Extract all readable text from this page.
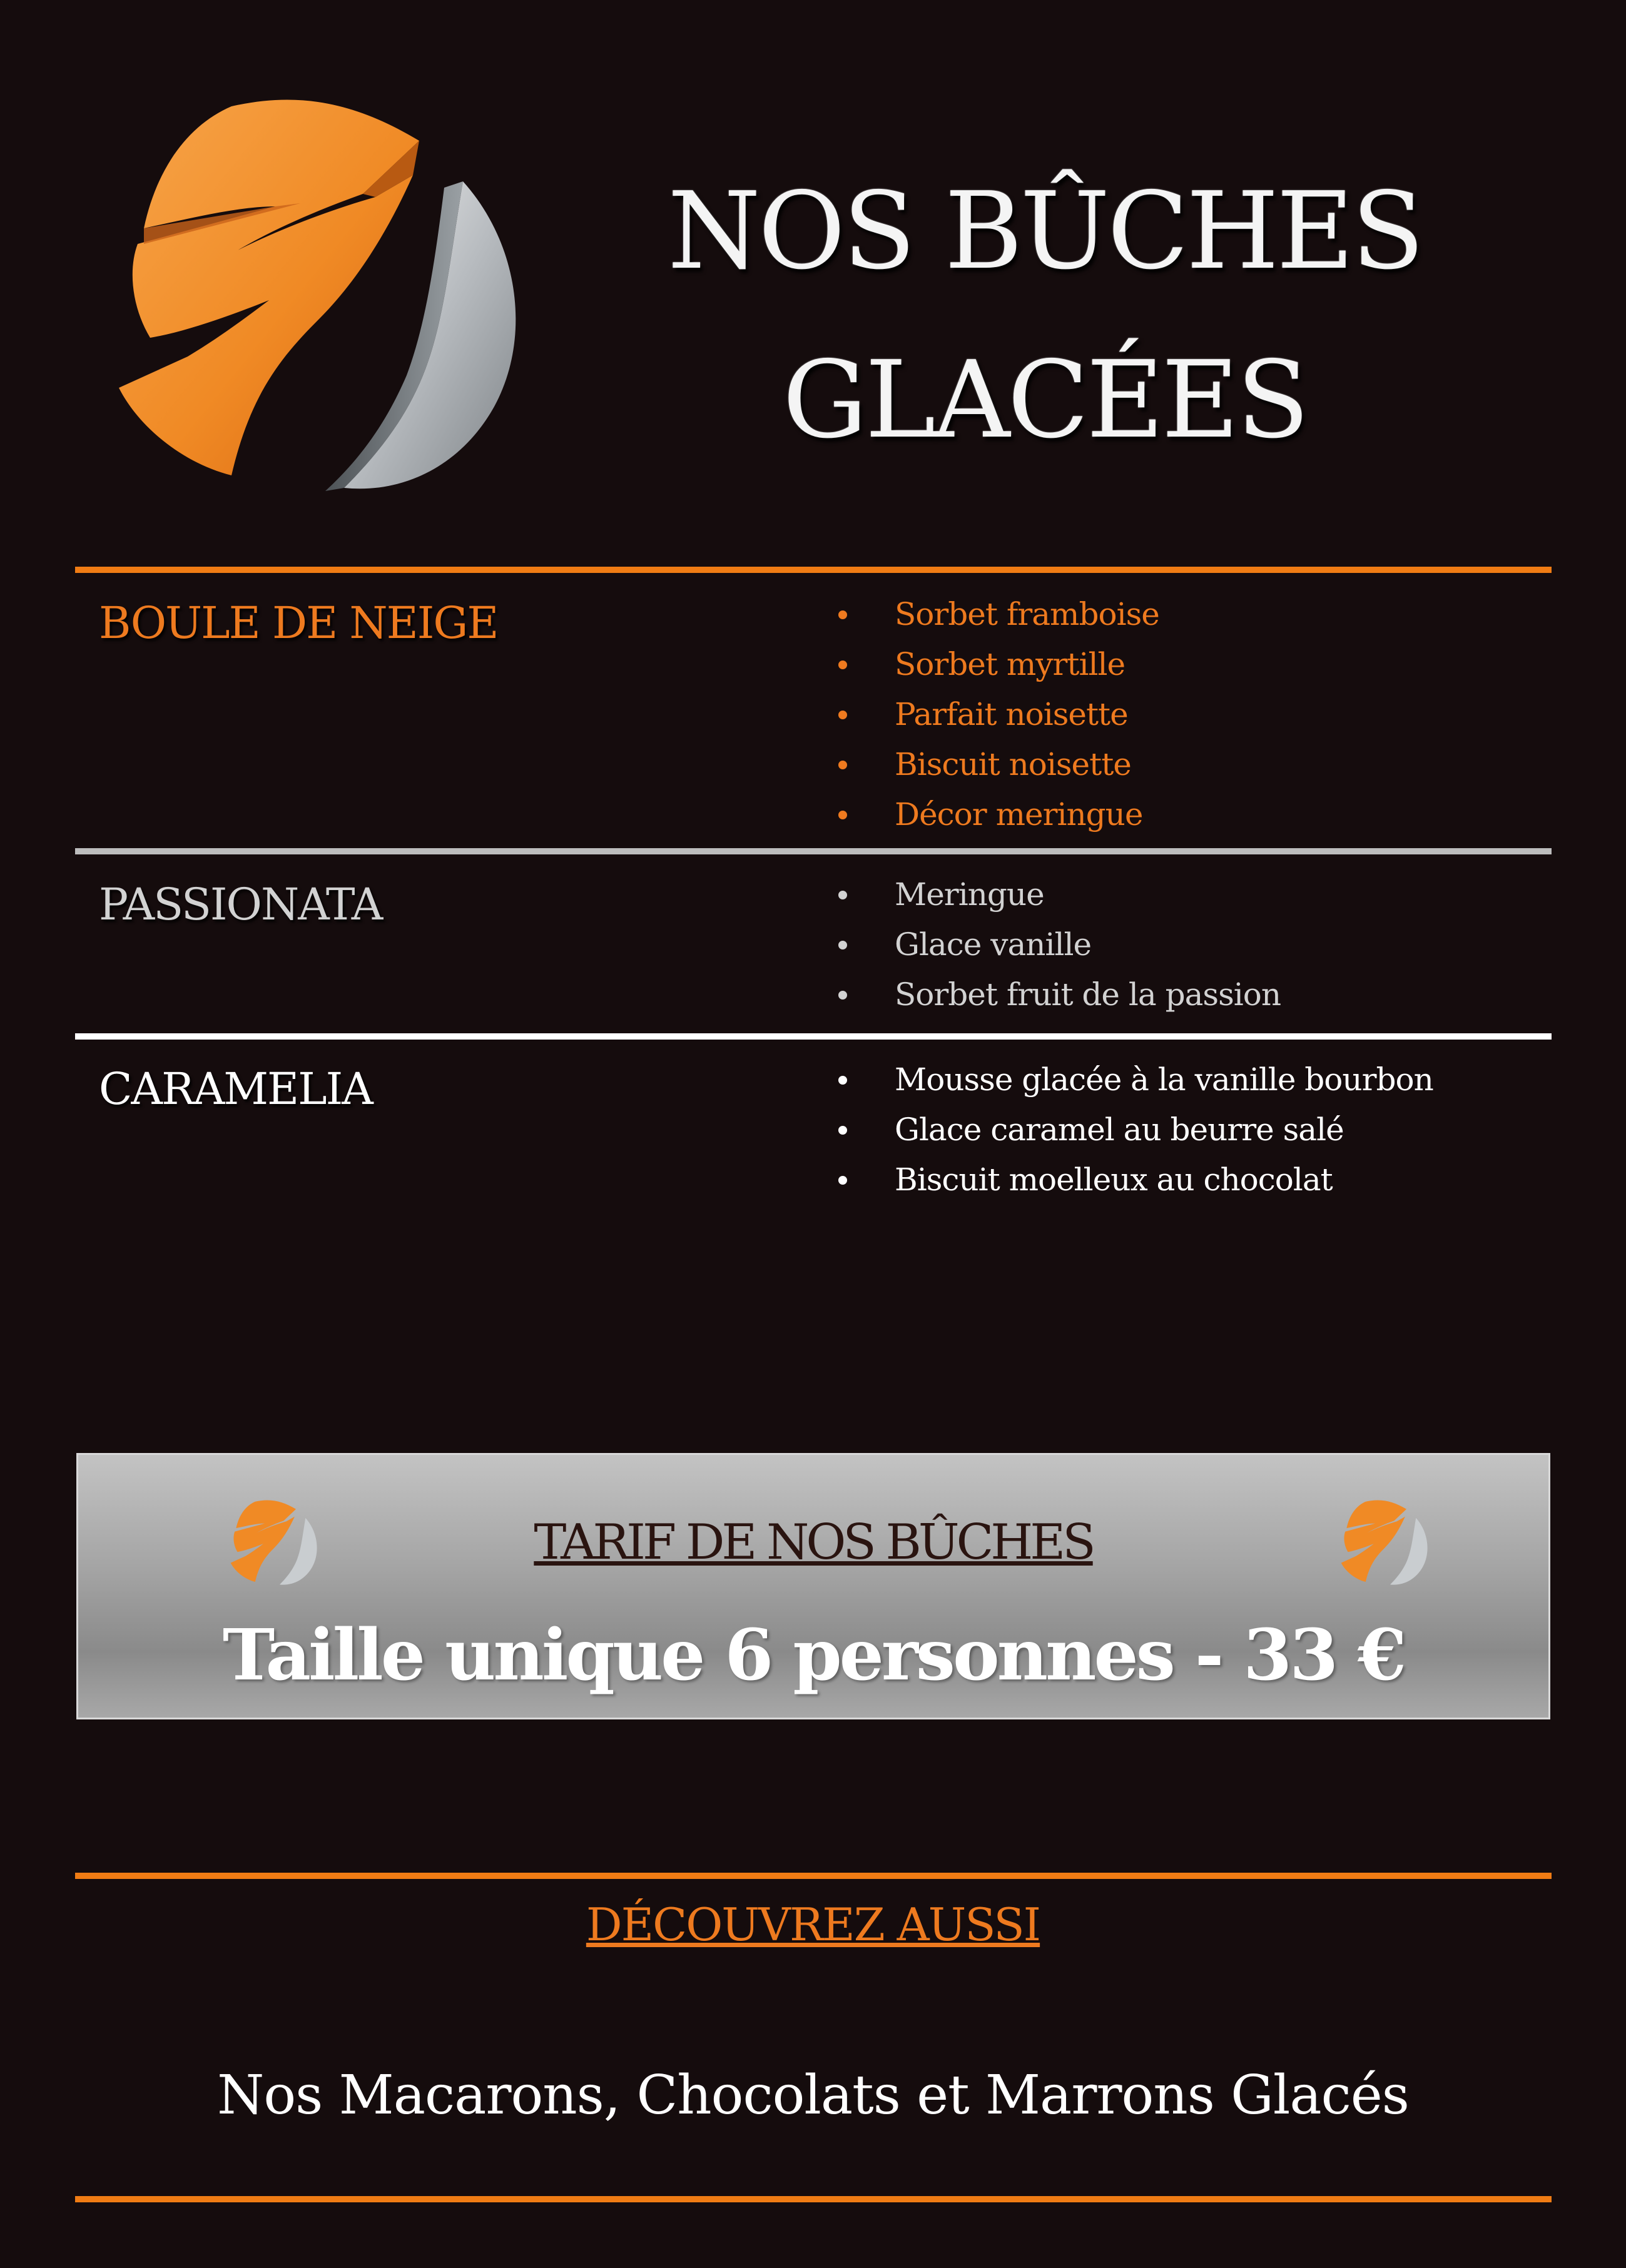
NOS BÛCHES
GLACÉES
BOULE DE NEIGE	Sorbet framboise
Sorbet myrtille
Parfait noisette
Biscuit noisette
Décor meringue
PASSIONATA	Meringue
Glace vanille
Sorbet fruit de la passion
CARAMELIA	Mousse glacée à la vanille bourbon
Glace caramel au beurre salé
Biscuit moelleux au chocolat
TARIF DE NOS BÛCHES
Taille unique 6 personnes - 33 €
DÉCOUVREZ AUSSI
Nos Macarons, Chocolats et Marrons Glacés
